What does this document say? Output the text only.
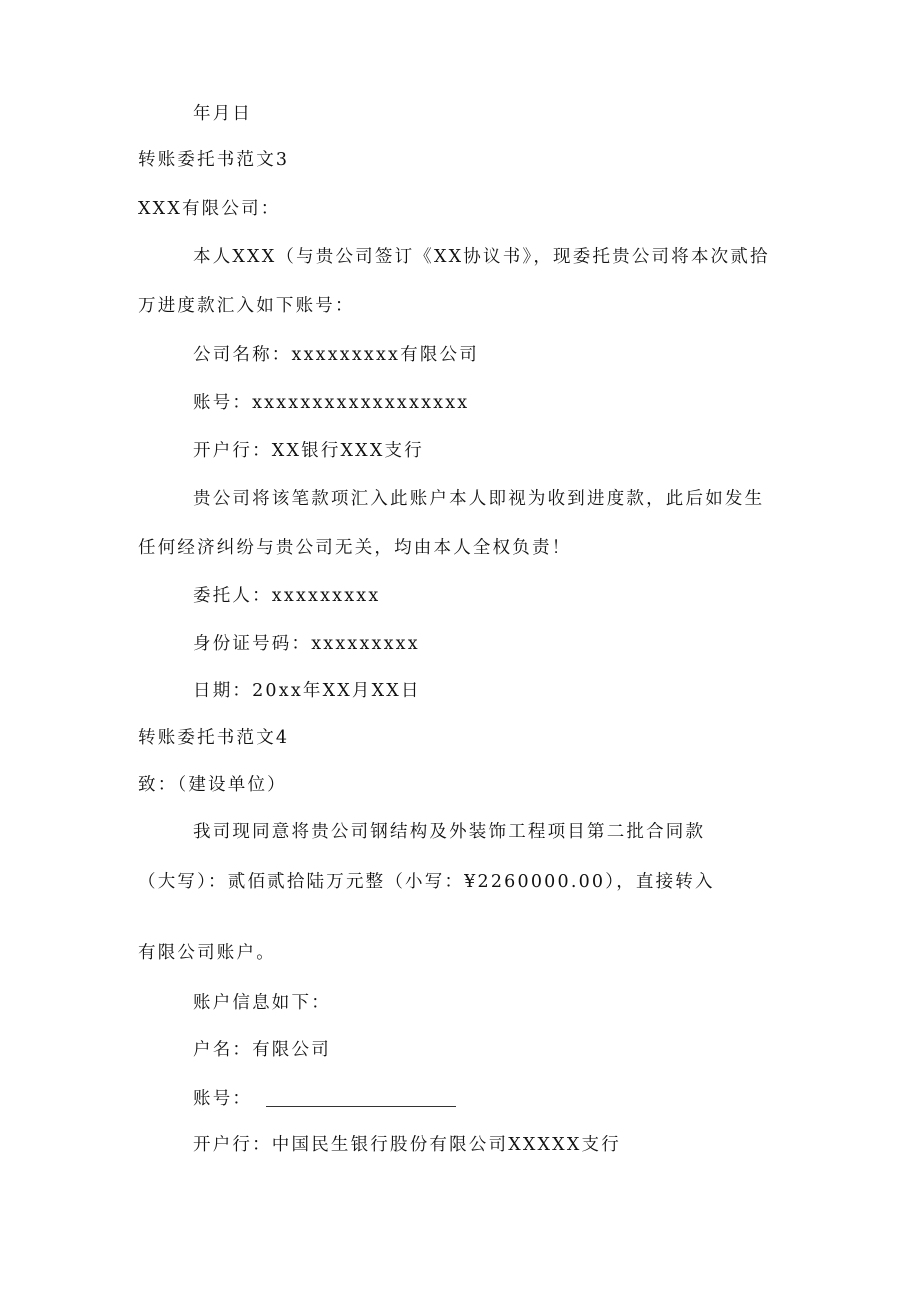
年月日
转账委托书范文3
XXX有限公司：
本人XXX（与贵公司签订《XX协议书》，现委托贵公司将本次贰拾
万进度款汇入如下账号：
公司名称：xxxxxxxxx有限公司
账号：xxxxxxxxxxxxxxxxxx
开户行：XX银行XXX支行
贵公司将该笔款项汇入此账户本人即视为收到进度款，此后如发生
任何经济纠纷与贵公司无关，均由本人全权负责！
委托人：xxxxxxxxx
身份证号码：xxxxxxxxx
日期：20xx年XX月XX日
转账委托书范文4
致：（建设单位）
我司现同意将贵公司钢结构及外装饰工程项目第二批合同款
（大写）：贰佰贰拾陆万元整（小写：¥2260000.00），直接转入
有限公司账户。
账户信息如下：
户名：有限公司
账号：
开户行：中国民生银行股份有限公司XXXXX支行
